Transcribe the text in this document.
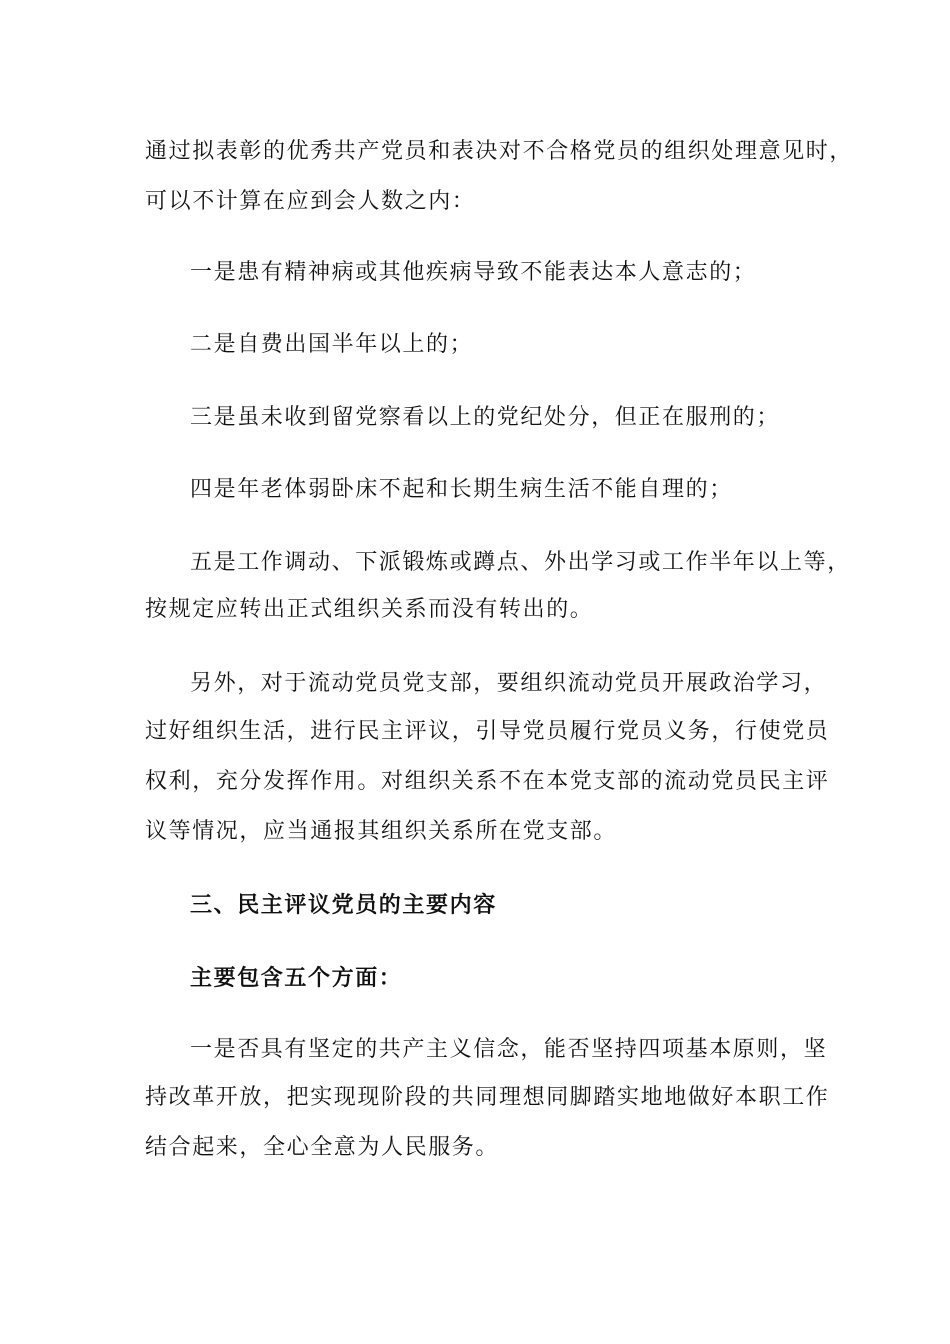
通过拟表彰的优秀共产党员和表决对不合格党员的组织处理意见时，
可以不计算在应到会人数之内：
一是患有精神病或其他疾病导致不能表达本人意志的；
二是自费出国半年以上的；
三是虽未收到留党察看以上的党纪处分，但正在服刑的；
四是年老体弱卧床不起和长期生病生活不能自理的；
五是工作调动、下派锻炼或蹲点、外出学习或工作半年以上等，
按规定应转出正式组织关系而没有转出的。
另外，对于流动党员党支部，要组织流动党员开展政治学习，
过好组织生活，进行民主评议，引导党员履行党员义务，行使党员
权利，充分发挥作用。对组织关系不在本党支部的流动党员民主评
议等情况，应当通报其组织关系所在党支部。
三、民主评议党员的主要内容
主要包含五个方面：
一是否具有坚定的共产主义信念，能否坚持四项基本原则，坚
持改革开放，把实现现阶段的共同理想同脚踏实地地做好本职工作
结合起来，全心全意为人民服务。
